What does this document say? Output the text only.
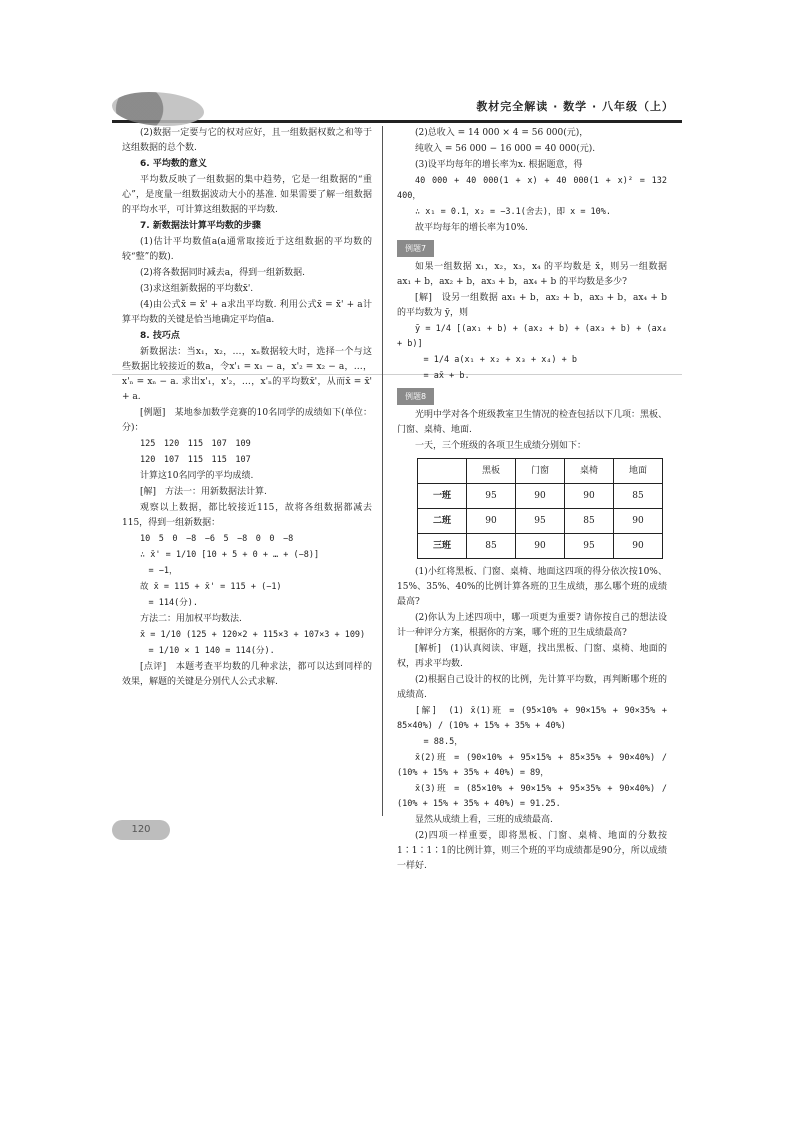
教材完全解读 · 数学 · 八年级（上）

(2)数据一定要与它的权对应好，且一组数据权数之和等于这组数据的总个数.

6. 平均数的意义

平均数反映了一组数据的集中趋势，它是一组数据的“重心”，是度量一组数据波动大小的基准. 如果需要了解一组数据的平均水平，可计算这组数据的平均数.

7. 新数据法计算平均数的步骤

(1)估计平均数值a(a通常取接近于这组数据的平均数的较“整”的数).

(2)将各数据同时减去a，得到一组新数据.

(3)求这组新数据的平均数x̄'.

(4)由公式x̄ = x̄' + a求出平均数. 利用公式x̄ = x̄' + a计算平均数的关键是恰当地确定平均值a.

8. 技巧点

新数据法：当x₁，x₂，…，xₙ数据较大时，选择一个与这些数据比较接近的数a，令x'₁ = x₁ − a，x'₂ = x₂ − a，…，x'ₙ = xₙ − a. 求出x'₁，x'₂，…，x'ₙ的平均数x̄'，从而x̄ = x̄' + a.

[例题]　某地参加数学竞赛的10名同学的成绩如下(单位：分)：

125　120　115　107　109

120　107　115　115　107

计算这10名同学的平均成绩.

[解]　方法一：用新数据法计算.

观察以上数据，都比较接近115，故将各组数据都减去115，得到一组新数据：

10　5　0　−8　−6　5　−8　0　0　−8

∴ x̄' = 1/10 [10 + 5 + 0 + … + (−8)]

　= −1，

故 x̄ = 115 + x̄' = 115 + (−1)

　= 114(分).

方法二：用加权平均数法.

x̄ = 1/10 (125 + 120×2 + 115×3 + 107×3 + 109)

　= 1/10 × 1 140 = 114(分).

[点评]　本题考查平均数的几种求法，都可以达到同样的效果，解题的关键是分别代人公式求解.

(2)总收入 = 14 000 × 4 = 56 000(元)，

纯收入 = 56 000 − 16 000 = 40 000(元).

(3)设平均每年的增长率为x. 根据题意，得

40 000 + 40 000(1 + x) + 40 000(1 + x)² = 132 400，

∴ x₁ = 0.1，x₂ = −3.1(舍去)，即 x = 10%.

故平均每年的增长率为10%.

例题7

如果一组数据 x₁，x₂，x₃，x₄ 的平均数是 x̄，则另一组数据 ax₁ + b，ax₂ + b，ax₃ + b，ax₄ + b 的平均数是多少?

[解]　设另一组数据 ax₁ + b，ax₂ + b，ax₃ + b，ax₄ + b 的平均数为 ȳ，则

ȳ = 1/4 [(ax₁ + b) + (ax₂ + b) + (ax₃ + b) + (ax₄ + b)]

　= 1/4 a(x₁ + x₂ + x₃ + x₄) + b

　= ax̄ + b.

例题8

光明中学对各个班级教室卫生情况的检查包括以下几项：黑板、门窗、桌椅、地面.

一天，三个班级的各项卫生成绩分别如下：

	黑板	门窗	桌椅	地面
一班	95	90	90	85
二班	90	95	85	90
三班	85	90	95	90

(1)小红将黑板、门窗、桌椅、地面这四项的得分依次按10%、15%、35%、40%的比例计算各班的卫生成绩，那么哪个班的成绩最高?

(2)你认为上述四项中，哪一项更为重要? 请你按自己的想法设计一种评分方案，根据你的方案，哪个班的卫生成绩最高?

[解析]　(1)认真阅读、审题，找出黑板、门窗、桌椅、地面的权，再求平均数.

(2)根据自己设计的权的比例，先计算平均数，再判断哪个班的成绩高.

[解]　(1) x̄(1)班 = (95×10% + 90×15% + 90×35% + 85×40%) / (10% + 15% + 35% + 40%)

　= 88.5，

x̄(2)班 = (90×10% + 95×15% + 85×35% + 90×40%) / (10% + 15% + 35% + 40%) = 89，

x̄(3)班 = (85×10% + 90×15% + 95×35% + 90×40%) / (10% + 15% + 35% + 40%) = 91.25.

显然从成绩上看，三班的成绩最高.

(2)四项一样重要，即将黑板、门窗、桌椅、地面的分数按1∶1∶1∶1的比例计算，则三个班的平均成绩都是90分，所以成绩一样好.

120
